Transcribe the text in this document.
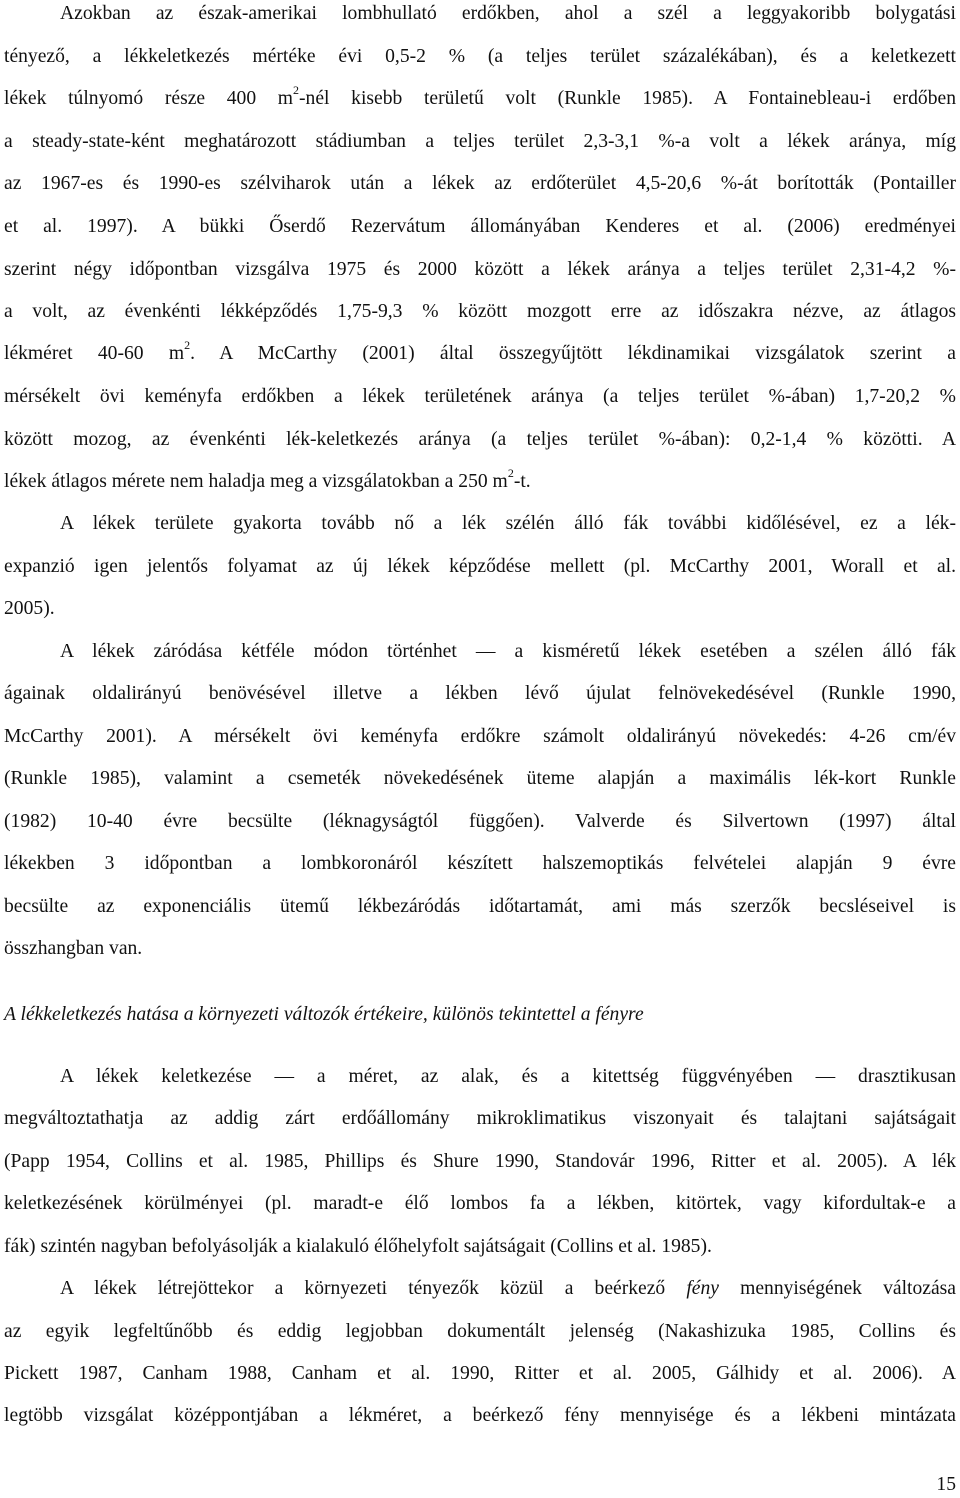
Azokban az észak-amerikai lombhullató erdőkben, ahol a szél a leggyakoribb bolygatási
tényező, a lékkeletkezés mértéke évi 0,5-2 % (a teljes terület százalékában), és a keletkezett
lékek túlnyomó része 400 $m^2$-nél kisebb területű volt (Runkle 1985). A Fontainebleau-i erdőben
a steady-state-ként meghatározott stádiumban a teljes terület 2,3-3,1 %-a volt a lékek aránya, míg
az 1967-es és 1990-es szélviharok után a lékek az erdőterület 4,5-20,6 %-át borították (Pontailler
et al. 1997). A bükki Őserdő Rezervátum állományában Kenderes et al. (2006) eredményei
szerint négy időpontban vizsgálva 1975 és 2000 között a lékek aránya a teljes terület 2,31-4,2 %-
a volt, az évenkénti lékképződés 1,75-9,3 % között mozgott erre az időszakra nézve, az átlagos
lékméret 40-60 $m^2$. A McCarthy (2001) által összegyűjtött lékdinamikai vizsgálatok szerint a
mérsékelt övi keményfa erdőkben a lékek területének aránya (a teljes terület %-ában) 1,7-20,2 %
között mozog, az évenkénti lék-keletkezés aránya (a teljes terület %-ában): 0,2-1,4 % közötti. A
lékek átlagos mérete nem haladja meg a vizsgálatokban a 250 $m^2-t$.
A lékek területe gyakorta tovább nő a lék szélén álló fák további kidőlésével, ez a lék-
expanzió igen jelentős folyamat az új lékek képződése mellett (pl. McCarthy 2001, Worall et al.
2005).
A lékek záródása kétféle módon történhet — a kisméretű lékek esetében a szélen álló fák
ágainak oldalirányú benövésével illetve a lékben lévő újulat felnövekedésével (Runkle 1990,
McCarthy 2001). A mérsékelt övi keményfa erdőkre számolt oldalirányú növekedés: 4-26 cm/év
(Runkle 1985), valamint a csemeték növekedésének üteme alapján a maximális lék-kort Runkle
(1982) 10-40 évre becsülte (léknagyságtól függően). Valverde és Silvertown (1997) által
lékekben 3 időpontban a lombkoronáról készített halszemoptikás felvételei alapján 9 évre
becsülte az exponenciális ütemű lékbezáródás időtartamát, ami más szerzők becsléseivel is
összhangban van.
A lékkeletkezés hatása a környezeti változók értékeire, különös tekintettel a fényre
A lékek keletkezése — a méret, az alak, és a kitettség függvényében — drasztikusan
megváltoztathatja az addig zárt erdőállomány mikroklimatikus viszonyait és talajtani sajátságait
(Papp 1954, Collins et al. 1985, Phillips és Shure 1990, Standovár 1996, Ritter et al. 2005). A lék
keletkezésének körülményei (pl. maradt-e élő lombos fa a lékben, kitörtek, vagy kifordultak-e a
fák) szintén nagyban befolyásolják a kialakuló élőhelyfolt sajátságait (Collins et al. 1985).
A lékek létrejöttekor a környezeti tényezők közül a beérkező fény mennyiségének változása
az egyik legfeltűnőbb és eddig legjobban dokumentált jelenség (Nakashizuka 1985, Collins és
Pickett 1987, Canham 1988, Canham et al. 1990, Ritter et al. 2005, Gálhidy et al. 2006). A
legtöbb vizsgálat középpontjában a lékméret, a beérkező fény mennyisége és a lékbeni mintázata
15
